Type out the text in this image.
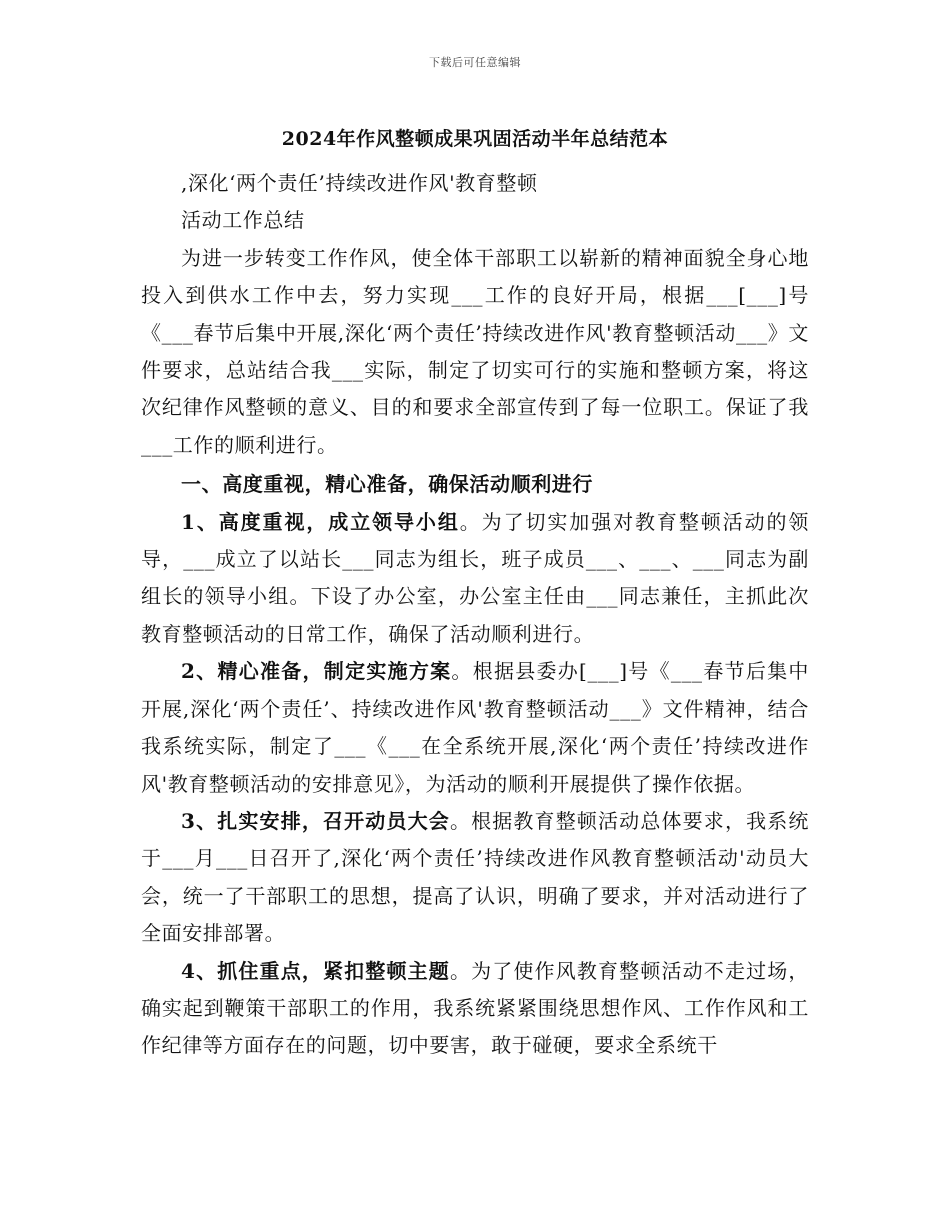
下载后可任意编辑
2024年作风整顿成果巩固活动半年总结范本

,深化‘两个责任’持续改进作风'教育整顿

活动工作总结

为进一步转变工作作风，使全体干部职工以崭新的精神面貌全身心地投入到供水工作中去，努力实现___工作的良好开局，根据___[___]号《___春节后集中开展,深化‘两个责任’持续改进作风'教育整顿活动___》文件要求，总站结合我___实际，制定了切实可行的实施和整顿方案，将这次纪律作风整顿的意义、目的和要求全部宣传到了每一位职工。保证了我___工作的顺利进行。

一、高度重视，精心准备，确保活动顺利进行

1、高度重视，成立领导小组。为了切实加强对教育整顿活动的领导，___成立了以站长___同志为组长，班子成员___、___、___同志为副组长的领导小组。下设了办公室，办公室主任由___同志兼任，主抓此次教育整顿活动的日常工作，确保了活动顺利进行。

2、精心准备，制定实施方案。根据县委办[___]号《___春节后集中开展,深化‘两个责任’、持续改进作风'教育整顿活动___》文件精神，结合我系统实际，制定了___《___在全系统开展,深化‘两个责任’持续改进作风'教育整顿活动的安排意见》，为活动的顺利开展提供了操作依据。

3、扎实安排，召开动员大会。根据教育整顿活动总体要求，我系统于___月___日召开了,深化‘两个责任’持续改进作风教育整顿活动'动员大会，统一了干部职工的思想，提高了认识，明确了要求，并对活动进行了全面安排部署。

4、抓住重点，紧扣整顿主题。为了使作风教育整顿活动不走过场，确实起到鞭策干部职工的作用，我系统紧紧围绕思想作风、工作作风和工作纪律等方面存在的问题，切中要害，敢于碰硬，要求全系统干
